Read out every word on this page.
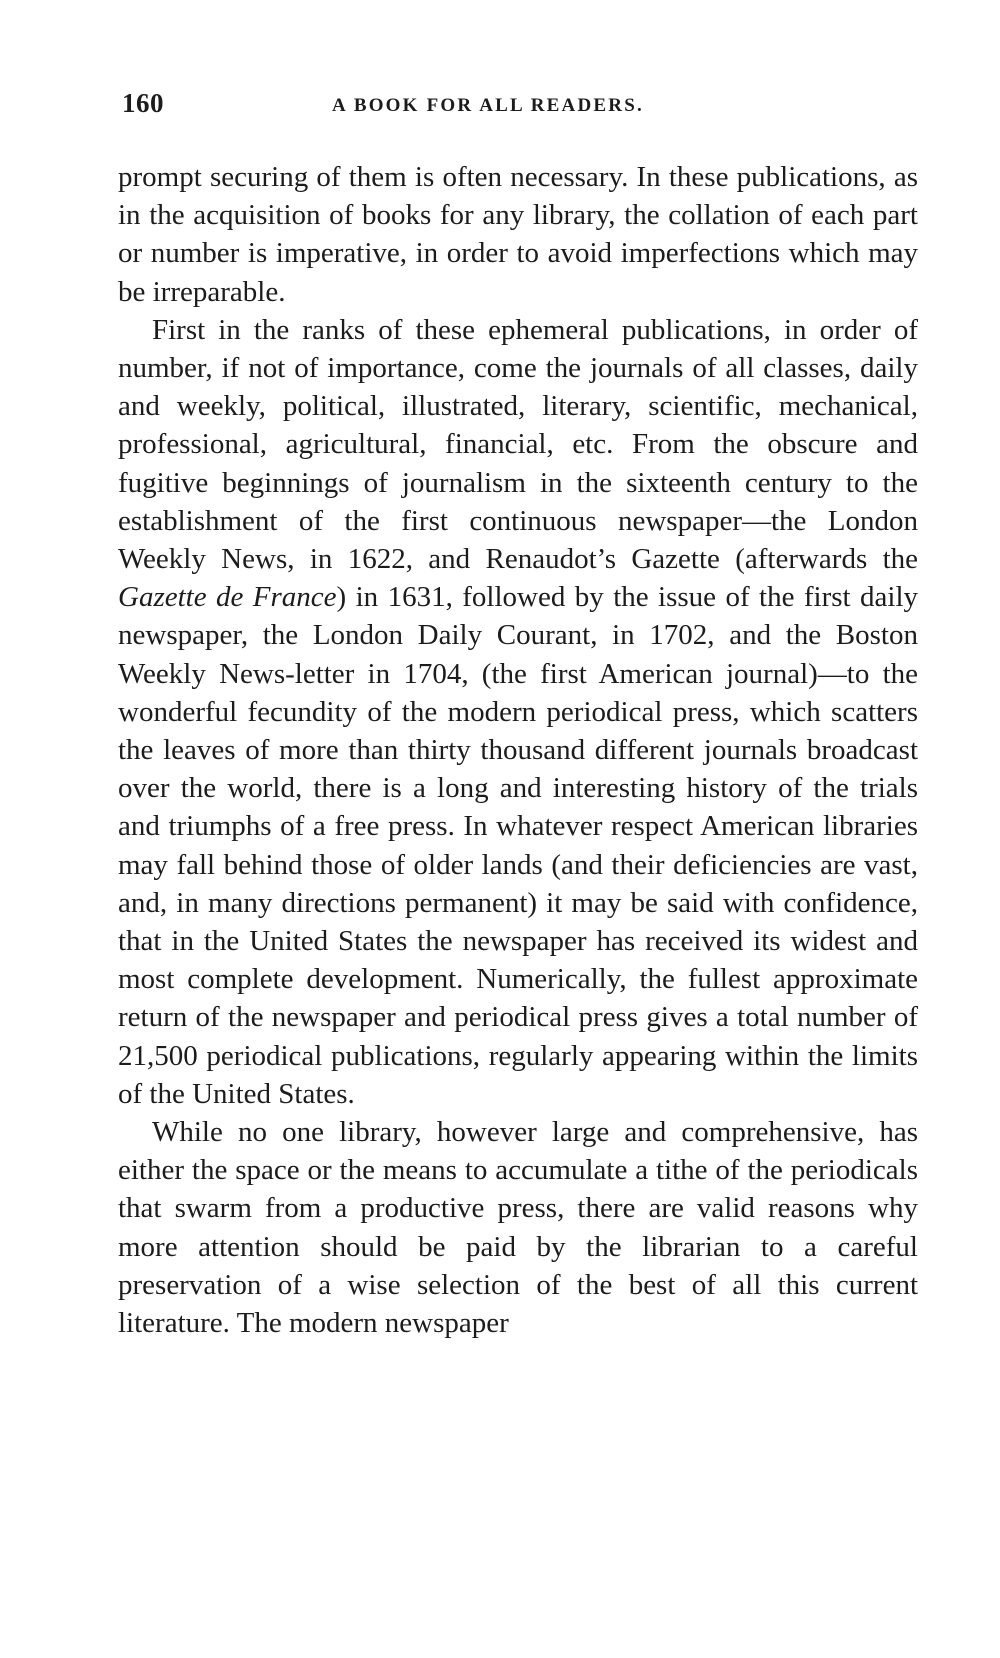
160	A BOOK FOR ALL READERS.

prompt securing of them is often necessary. In these publications, as in the acquisition of books for any library, the collation of each part or number is imperative, in order to avoid imperfections which may be irreparable.

First in the ranks of these ephemeral publications, in order of number, if not of importance, come the journals of all classes, daily and weekly, political, illustrated, literary, scientific, mechanical, professional, agricultural, financial, etc. From the obscure and fugitive beginnings of journalism in the sixteenth century to the establishment of the first continuous newspaper—the London Weekly News, in 1622, and Renaudot’s Gazette (afterwards the Gazette de France) in 1631, followed by the issue of the first daily newspaper, the London Daily Courant, in 1702, and the Boston Weekly News-letter in 1704, (the first American journal)—to the wonderful fecundity of the modern periodical press, which scatters the leaves of more than thirty thousand different journals broadcast over the world, there is a long and interesting history of the trials and triumphs of a free press. In whatever respect American libraries may fall behind those of older lands (and their deficiencies are vast, and, in many directions permanent) it may be said with confidence, that in the United States the newspaper has received its widest and most complete development. Numerically, the fullest approximate return of the newspaper and periodical press gives a total number of 21,500 periodical publications, regularly appearing within the limits of the United States.

While no one library, however large and comprehensive, has either the space or the means to accumulate a tithe of the periodicals that swarm from a productive press, there are valid reasons why more attention should be paid by the librarian to a careful preservation of a wise selection of the best of all this current literature. The modern newspaper
